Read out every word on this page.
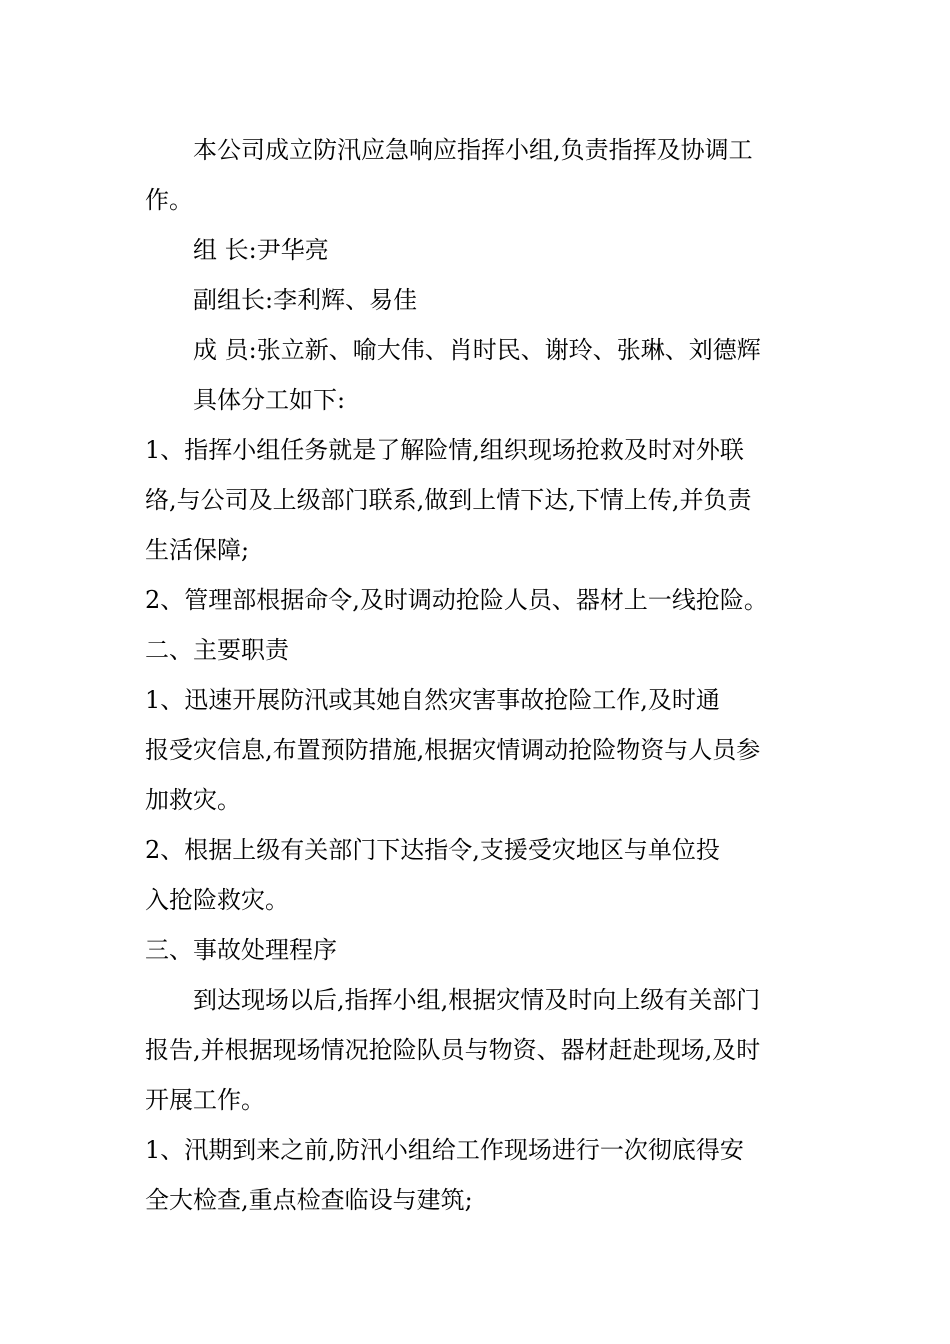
　　本公司成立防汛应急响应指挥小组,负责指挥及协调工
作。
　　组 长:尹华亮
　　副组长:李利辉、易佳
　　成 员:张立新、喻大伟、肖时民、谢玲、张琳、刘德辉
　　具体分工如下:
1、指挥小组任务就是了解险情,组织现场抢救及时对外联
络,与公司及上级部门联系,做到上情下达,下情上传,并负责
生活保障;
2、管理部根据命令,及时调动抢险人员、器材上一线抢险。
二、主要职责
1、迅速开展防汛或其她自然灾害事故抢险工作,及时通
报受灾信息,布置预防措施,根据灾情调动抢险物资与人员参
加救灾。
2、根据上级有关部门下达指令,支援受灾地区与单位投
入抢险救灾。
三、事故处理程序
　　到达现场以后,指挥小组,根据灾情及时向上级有关部门
报告,并根据现场情况抢险队员与物资、器材赶赴现场,及时
开展工作。
1、汛期到来之前,防汛小组给工作现场进行一次彻底得安
全大检查,重点检查临设与建筑;
